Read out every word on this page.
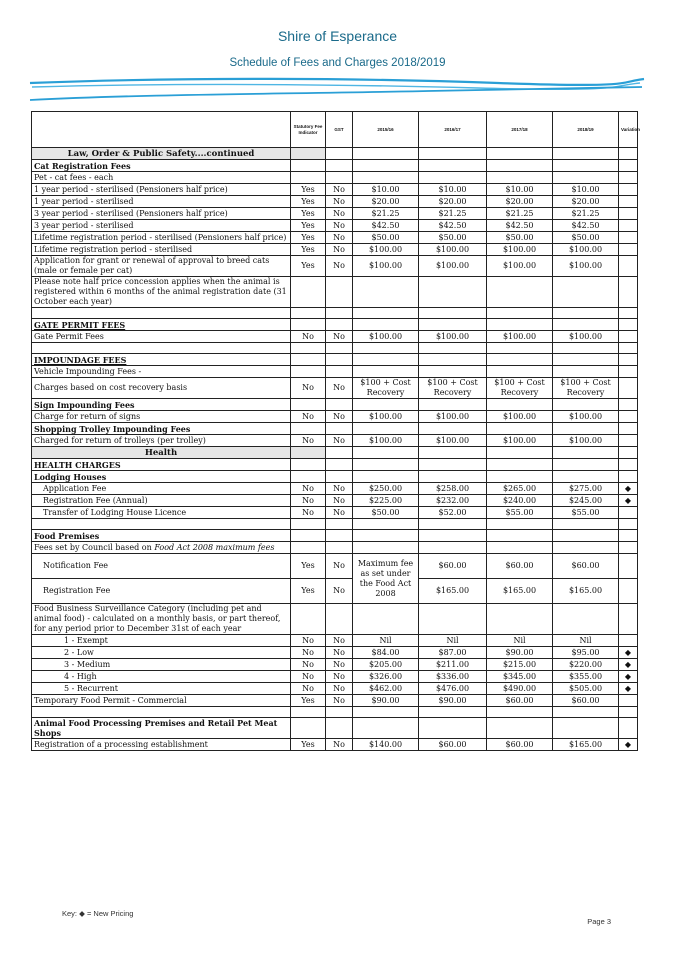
Shire of Esperance
Schedule of Fees and Charges 2018/2019
	Statutory Fee Indicator	GST	2015/16	2016/17	2017/18	2018/19	Variation
Law, Order & Public Safety....continued							
Cat Registration Fees							
Pet - cat fees - each							
1 year period - sterilised (Pensioners half price)	Yes	No	$10.00	$10.00	$10.00	$10.00	
1 year period - sterilised	Yes	No	$20.00	$20.00	$20.00	$20.00	
3 year period - sterilised (Pensioners half price)	Yes	No	$21.25	$21.25	$21.25	$21.25	
3 year period - sterilised	Yes	No	$42.50	$42.50	$42.50	$42.50	
Lifetime registration period - sterilised (Pensioners half price)	Yes	No	$50.00	$50.00	$50.00	$50.00	
Lifetime registration period - sterilised	Yes	No	$100.00	$100.00	$100.00	$100.00	
Application for grant or renewal of approval to breed cats (male or female per cat)	Yes	No	$100.00	$100.00	$100.00	$100.00	
Please note half price concession applies when the animal is registered within 6 months of the animal registration date (31 October each year)							

GATE PERMIT FEES							
Gate Permit Fees	No	No	$100.00	$100.00	$100.00	$100.00	

IMPOUNDAGE FEES							
Vehicle Impounding Fees -							
Charges based on cost recovery basis	No	No	$100 + Cost Recovery	$100 + Cost Recovery	$100 + Cost Recovery	$100 + Cost Recovery	
Sign Impounding Fees							
Charge for return of signs	No	No	$100.00	$100.00	$100.00	$100.00	
Shopping Trolley Impounding Fees							
Charged for return of trolleys (per trolley)	No	No	$100.00	$100.00	$100.00	$100.00	
Health							
HEALTH CHARGES							
Lodging Houses							
Application Fee	No	No	$250.00	$258.00	$265.00	$275.00	◆
Registration Fee (Annual)	No	No	$225.00	$232.00	$240.00	$245.00	◆
Transfer of Lodging House Licence	No	No	$50.00	$52.00	$55.00	$55.00	

Food Premises							
Fees set by Council based on Food Act 2008 maximum fees							
Notification Fee	Yes	No	Maximum fee as set under the Food Act 2008	$60.00	$60.00	$60.00	
Registration Fee	Yes	No		$165.00	$165.00	$165.00	
Food Business Surveillance Category (including pet and animal food) - calculated on a monthly basis, or part thereof, for any period prior to December 31st of each year							
1 - Exempt	No	No	Nil	Nil	Nil	Nil	
2 - Low	No	No	$84.00	$87.00	$90.00	$95.00	◆
3 - Medium	No	No	$205.00	$211.00	$215.00	$220.00	◆
4 - High	No	No	$326.00	$336.00	$345.00	$355.00	◆
5 - Recurrent	No	No	$462.00	$476.00	$490.00	$505.00	◆
Temporary Food Permit - Commercial	Yes	No	$90.00	$90.00	$60.00	$60.00	

Animal Food Processing Premises and Retail Pet Meat Shops							
Registration of a processing establishment	Yes	No	$140.00	$60.00	$60.00	$165.00	◆
Key: ◆ = New Pricing
Page 3
